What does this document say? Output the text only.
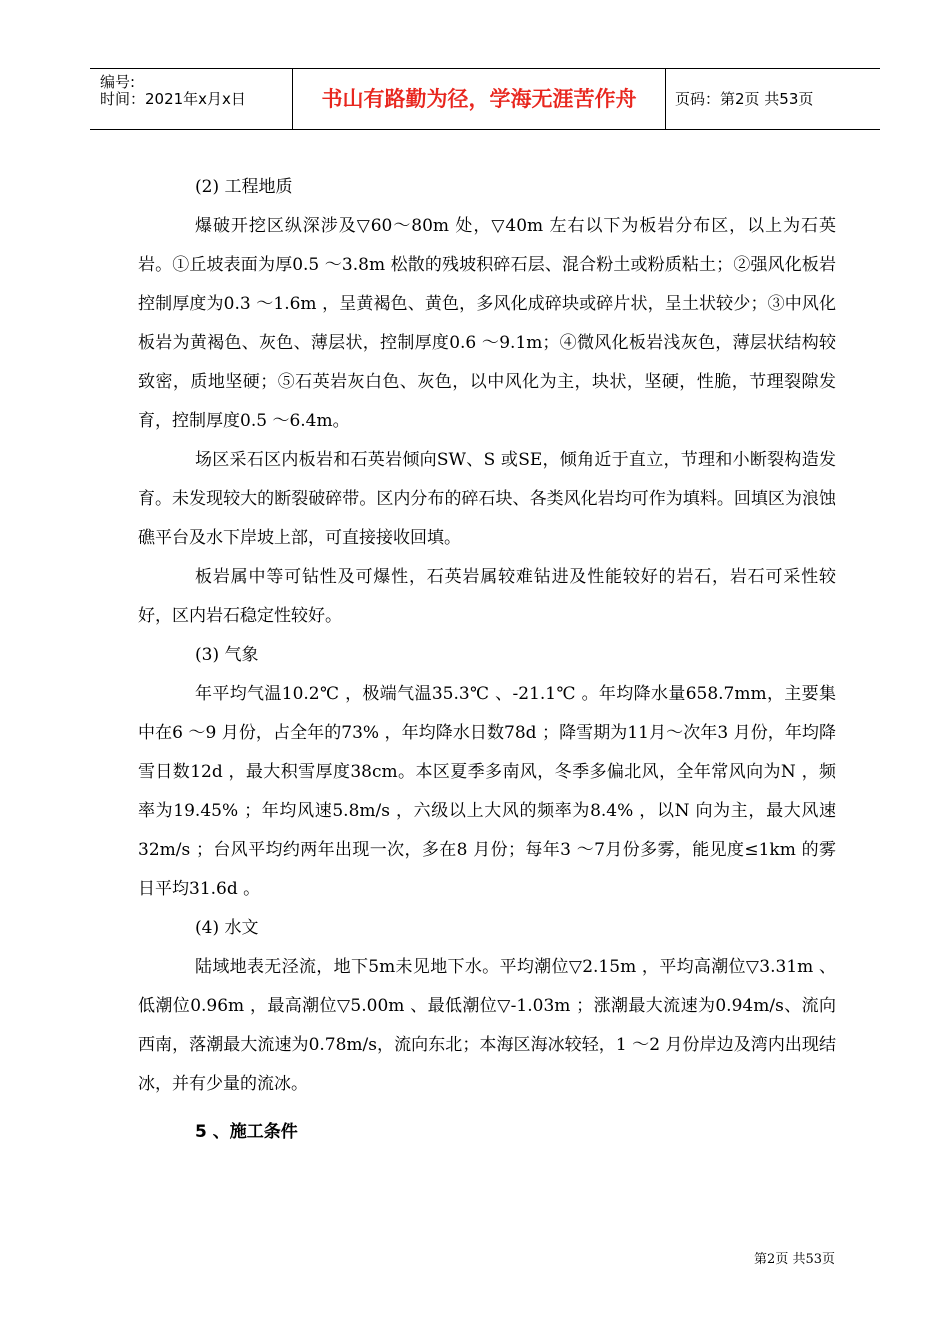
编号:
时间：2021年x月x日	书山有路勤为径，学海无涯苦作舟	页码：第2页 共53页

(2) 工程地质

爆破开挖区纵深涉及▽60～80m 处，▽40m 左右以下为板岩分布区，以上为石英岩。①丘坡表面为厚0.5 ～3.8m 松散的残坡积碎石层、混合粉土或粉质粘土；②强风化板岩控制厚度为0.3 ～1.6m ，呈黄褐色、黄色，多风化成碎块或碎片状，呈土状较少；③中风化板岩为黄褐色、灰色、薄层状，控制厚度0.6 ～9.1m；④微风化板岩浅灰色，薄层状结构较致密，质地坚硬；⑤石英岩灰白色、灰色，以中风化为主，块状，坚硬，性脆，节理裂隙发育，控制厚度0.5 ～6.4m。

场区采石区内板岩和石英岩倾向SW、S 或SE，倾角近于直立，节理和小断裂构造发育。未发现较大的断裂破碎带。区内分布的碎石块、各类风化岩均可作为填料。回填区为浪蚀礁平台及水下岸坡上部，可直接接收回填。

板岩属中等可钻性及可爆性，石英岩属较难钻进及性能较好的岩石，岩石可采性较好，区内岩石稳定性较好。

(3) 气象

年平均气温10.2℃ ，极端气温35.3℃ 、-21.1℃ 。年均降水量658.7mm，主要集中在6 ～9 月份，占全年的73% ，年均降水日数78d ；降雪期为11月～次年3 月份，年均降雪日数12d ，最大积雪厚度38cm。本区夏季多南风，冬季多偏北风，全年常风向为N ，频率为19.45% ；年均风速5.8m/s ，六级以上大风的频率为8.4% ，以N 向为主，最大风速32m/s ；台风平均约两年出现一次，多在8 月份；每年3 ～7月份多雾，能见度≤1km 的雾日平均31.6d 。

(4) 水文

陆域地表无泾流，地下5m未见地下水。平均潮位▽2.15m ，平均高潮位▽3.31m 、低潮位0.96m ，最高潮位▽5.00m 、最低潮位▽-1.03m ；涨潮最大流速为0.94m/s、流向西南，落潮最大流速为0.78m/s，流向东北；本海区海冰较轻，1 ～2 月份岸边及湾内出现结冰，并有少量的流冰。

5 、施工条件

第2页 共53页
